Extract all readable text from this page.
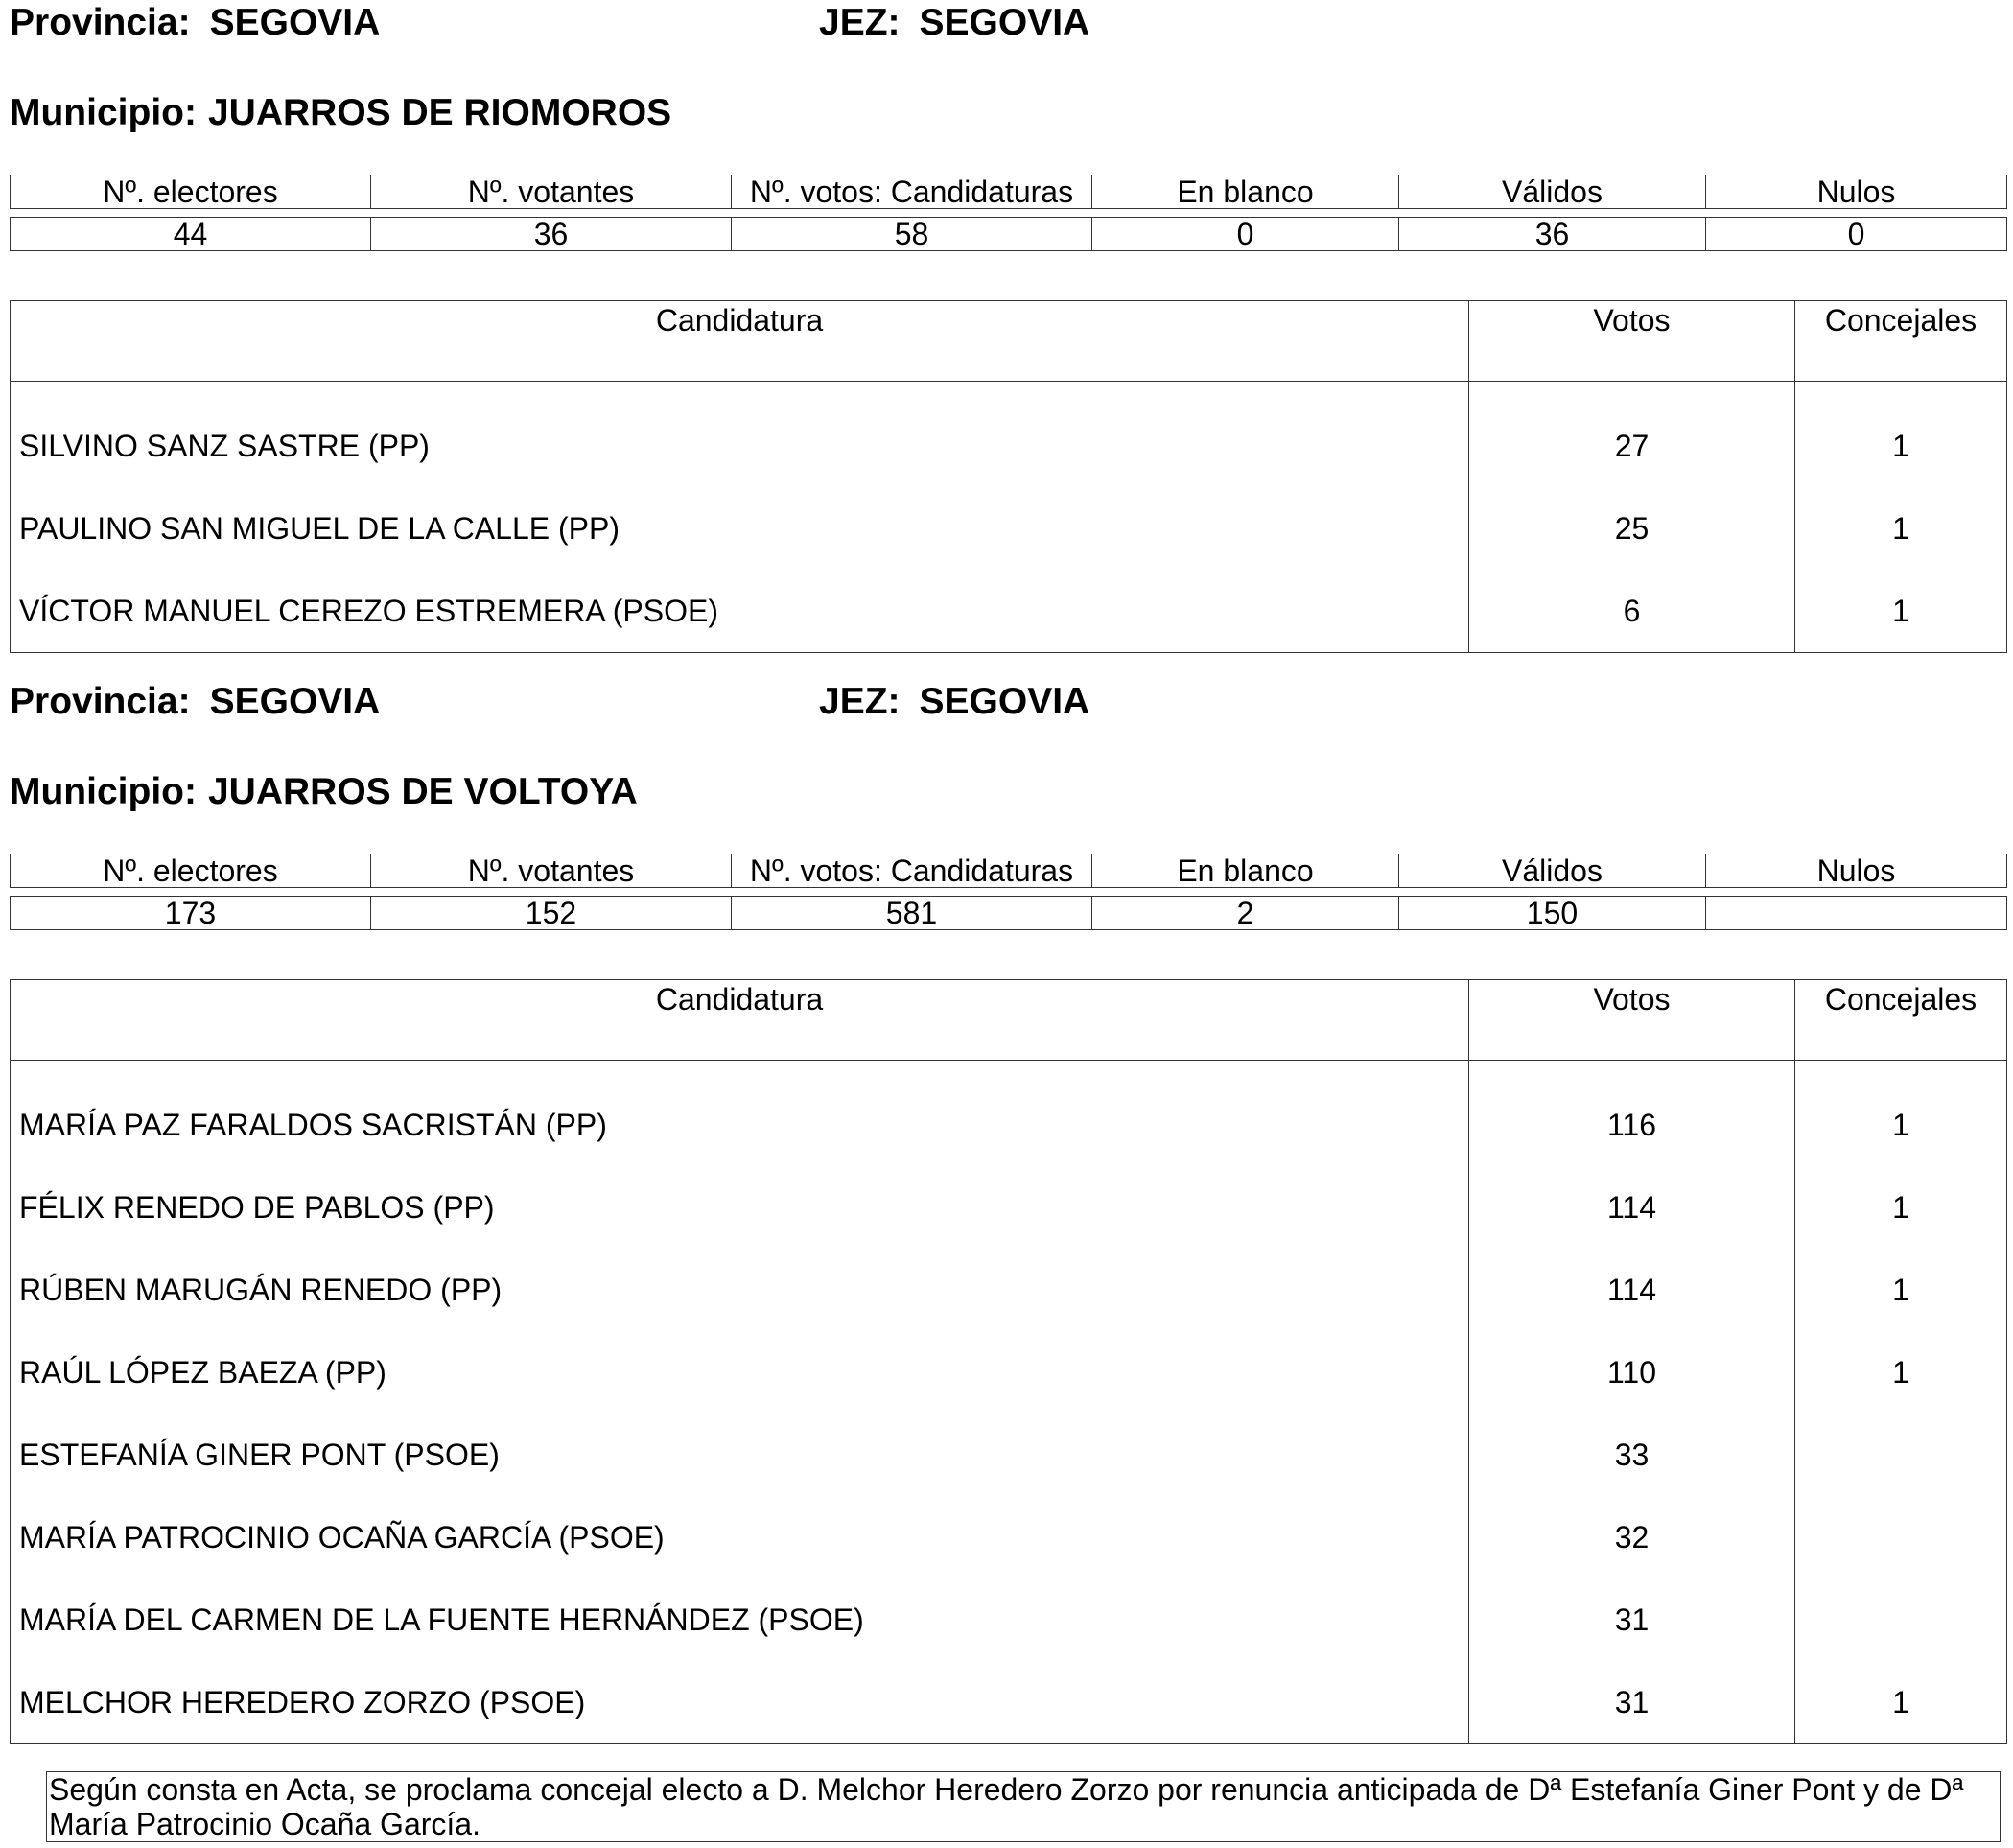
Provincia: SEGOVIA	JEZ: SEGOVIA
Municipio: JUARROS DE RIOMOROS
Nº. electores	Nº. votantes	Nº. votos: Candidaturas	En blanco	Válidos	Nulos
44	36	58	0	36	0
Candidatura	Votos	Concejales
SILVINO SANZ SASTRE (PP)	27	1
PAULINO SAN MIGUEL DE LA CALLE (PP)	25	1
VÍCTOR MANUEL CEREZO ESTREMERA (PSOE)	6	1
Provincia: SEGOVIA	JEZ: SEGOVIA
Municipio: JUARROS DE VOLTOYA
Nº. electores	Nº. votantes	Nº. votos: Candidaturas	En blanco	Válidos	Nulos
173	152	581	2	150	
Candidatura	Votos	Concejales
MARÍA PAZ FARALDOS SACRISTÁN (PP)	116	1
FÉLIX RENEDO DE PABLOS (PP)	114	1
RÚBEN MARUGÁN RENEDO (PP)	114	1
RAÚL LÓPEZ BAEZA (PP)	110	1
ESTEFANÍA GINER PONT (PSOE)	33	
MARÍA PATROCINIO OCAÑA GARCÍA (PSOE)	32	
MARÍA DEL CARMEN DE LA FUENTE HERNÁNDEZ (PSOE)	31	
MELCHOR HEREDERO ZORZO (PSOE)	31	1
Según consta en Acta, se proclama concejal electo a D. Melchor Heredero Zorzo por renuncia anticipada de Dª Estefanía Giner Pont y de Dª María Patrocinio Ocaña García.
